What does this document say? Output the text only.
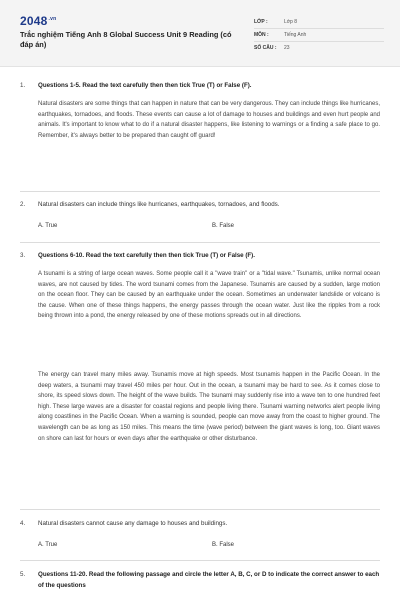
$2048^{.vn}$
Trắc nghiệm Tiếng Anh 8 Global Success Unit 9 Reading (có đáp án)
LỚP :	Lớp 8
MÔN :	Tiếng Anh
SỐ CÂU :	23
1.	Questions 1-5. Read the text carefully then then tick True (T) or False (F).
Natural disasters are some things that can happen in nature that can be very dangerous. They can include things like hurricanes, earthquakes, tornadoes, and floods. These events can cause a lot of damage to houses and buildings and even hurt people and animals. It's important to know what to do if a natural disaster happens, like listening to warnings or a finding a safe place to go. Remember, it's always better to be prepared than caught off guard!
2.	Natural disasters can include things like hurricanes, earthquakes, tornadoes, and floods.
A. True	B. False
3.	Questions 6-10. Read the text carefully then then tick True (T) or False (F).
A tsunami is a string of large ocean waves. Some people call it a "wave train" or a "tidal wave." Tsunamis, unlike normal ocean waves, are not caused by tides. The word tsunami comes from the Japanese. Tsunamis are caused by a sudden, large motion on the ocean floor. They can be caused by an earthquake under the ocean. Sometimes an underwater landslide or volcano is the cause. When one of these things happens, the energy passes through the ocean water. Just like the ripples from a rock being thrown into a pond, the energy released by one of these motions spreads out in all directions.
The energy can travel many miles away. Tsunamis move at high speeds. Most tsunamis happen in the Pacific Ocean. In the deep waters, a tsunami may travel 450 miles per hour. Out in the ocean, a tsunami may be hard to see. As it comes close to shore, its speed slows down. The height of the wave builds. The tsunami may suddenly rise into a wave ten to one hundred feet high. These large waves are a disaster for coastal regions and people living there. Tsunami warning networks alert people living along coastlines in the Pacific Ocean. When a warning is sounded, people can move away from the coast to higher ground. The wavelength can be as long as 150 miles. This means the time (wave period) between the giant waves is long, too. Giant waves on shore can last for hours or even days after the earthquake or other disturbance.
4.	Natural disasters cannot cause any damage to houses and buildings.
A. True	B. False
5.	Questions 11-20. Read the following passage and circle the letter A, B, C, or D to indicate the correct answer to each of the questions
